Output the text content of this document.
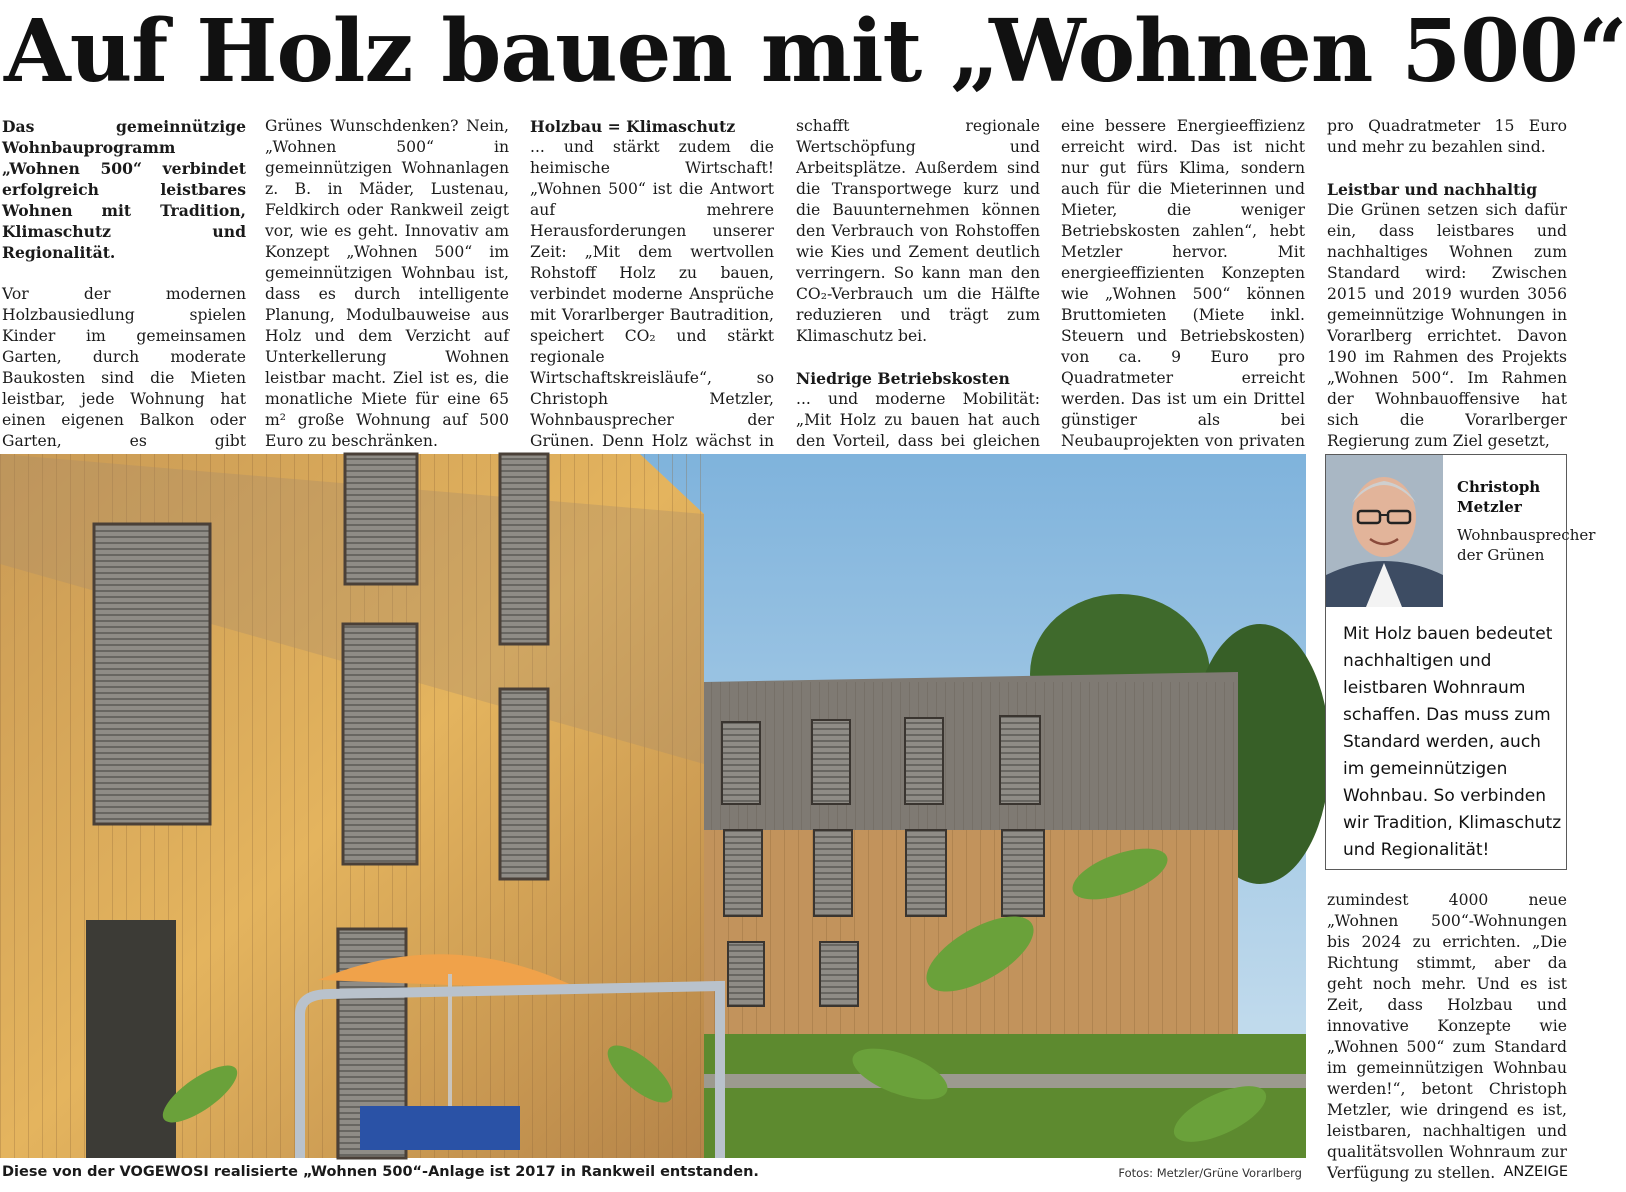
Auf Holz bauen mit „Wohnen 500“

Das gemeinnützige Wohnbauprogramm „Wohnen 500“ verbindet erfolgreich leistbares Wohnen mit Tradition, Klimaschutz und Regionalität.

Vor der modernen Holzbausiedlung spielen Kinder im gemeinsamen Garten, durch moderate Baukosten sind die Mieten leistbar, jede Wohnung hat einen eigenen Balkon oder Garten, es gibt

Grünes Wunschdenken? Nein, „Wohnen 500“ in gemeinnützigen Wohnanlagen z. B. in Mäder, Lustenau, Feldkirch oder Rankweil zeigt vor, wie es geht. Innovativ am Konzept „Wohnen 500“ im gemeinnützigen Wohnbau ist, dass es durch intelligente Planung, Modulbauweise aus Holz und dem Verzicht auf Unterkellerung Wohnen leistbar macht. Ziel ist es, die monatliche Miete für eine 65 m² große Wohnung auf 500 Euro zu beschränken.

Holzbau = Klimaschutz

... und stärkt zudem die heimische Wirtschaft! „Wohnen 500“ ist die Antwort auf mehrere Herausforderungen unserer Zeit: „Mit dem wertvollen Rohstoff Holz zu bauen, verbindet moderne Ansprüche mit Vorarlberger Bautradition, speichert CO₂ und stärkt regionale Wirtschaftskreisläufe“, so Christoph Metzler, Wohnbausprecher der Grünen. Denn Holz wächst in

schafft regionale Wertschöpfung und Arbeitsplätze. Außerdem sind die Transportwege kurz und die Bauunternehmen können den Verbrauch von Rohstoffen wie Kies und Zement deutlich verringern. So kann man den CO₂-Verbrauch um die Hälfte reduzieren und trägt zum Klimaschutz bei.

Niedrige Betriebskosten

... und moderne Mobilität: „Mit Holz zu bauen hat auch den Vorteil, dass bei gleichen

eine bessere Energieeffizienz erreicht wird. Das ist nicht nur gut fürs Klima, sondern auch für die Mieterinnen und Mieter, die weniger Betriebskosten zahlen“, hebt Metzler hervor. Mit energieeffizienten Konzepten wie „Wohnen 500“ können Bruttomieten (Miete inkl. Steuern und Betriebskosten) von ca. 9 Euro pro Quadratmeter erreicht werden. Das ist um ein Drittel günstiger als bei Neubauprojekten von privaten

pro Quadratmeter 15 Euro und mehr zu bezahlen sind.

Leistbar und nachhaltig

Die Grünen setzen sich dafür ein, dass leistbares und nachhaltiges Wohnen zum Standard wird: Zwischen 2015 und 2019 wurden 3056 gemeinnützige Wohnungen in Vorarlberg errichtet. Davon 190 im Rahmen des Projekts „Wohnen 500“. Im Rahmen der Wohnbauoffensive hat sich die Vorarlberger Regierung zum Ziel gesetzt,

Diese von der VOGEWOSI realisierte „Wohnen 500“-Anlage ist 2017 in Rankweil entstanden.	Fotos: Metzler/Grüne Vorarlberg
Christoph Metzler
Wohnbausprecher der Grünen
Mit Holz bauen bedeutet nachhaltigen und leistbaren Wohnraum schaffen. Das muss zum Standard werden, auch im gemeinnützigen Wohnbau. So verbinden wir Tradition, Klimaschutz und Regionalität!

zumindest 4000 neue „Wohnen 500“-Wohnungen bis 2024 zu errichten. „Die Richtung stimmt, aber da geht noch mehr. Und es ist Zeit, dass Holzbau und innovative Konzepte wie „Wohnen 500“ zum Standard im gemeinnützigen Wohnbau werden!“, betont Christoph Metzler, wie dringend es ist, leistbaren, nachhaltigen und qualitätsvollen Wohnraum zur Verfügung zu stellen. ANZEIGE
